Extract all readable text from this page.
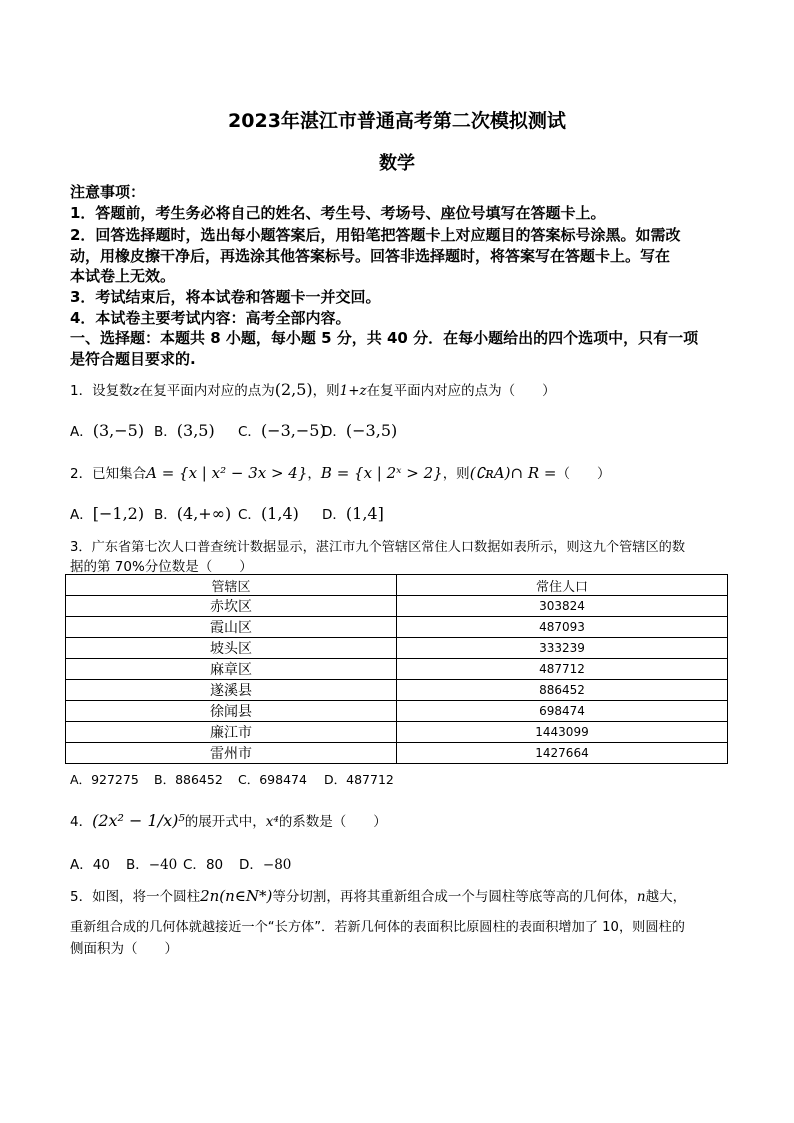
2023年湛江市普通高考第二次模拟测试
数学
注意事项：
1．答题前，考生务必将自己的姓名、考生号、考场号、座位号填写在答题卡上。
2．回答选择题时，选出每小题答案后，用铅笔把答题卡上对应题目的答案标号涂黑。如需改
动，用橡皮擦干净后，再选涂其他答案标号。回答非选择题时，将答案写在答题卡上。写在
本试卷上无效。
3．考试结束后，将本试卷和答题卡一并交回。
4．本试卷主要考试内容：高考全部内容。
一、选择题：本题共 8 小题，每小题 5 分，共 40 分．在每小题给出的四个选项中，只有一项
是符合题目要求的.
1．设复数z在复平面内对应的点为(2,5)，则1+z在复平面内对应的点为（　　）
A．(3,−5) B．(3,5) C．(−3,−5)D．(−3,5)
2．已知集合A = {x | x² − 3x > 4}，B = {x | 2ˣ > 2}，则(∁ʀA)∩ R =（　　）
A．[−1,2) B．(4,+∞) C．(1,4) D．(1,4]
3．广东省第七次人口普查统计数据显示，湛江市九个管辖区常住人口数据如表所示，则这九个管辖区的数
据的第 70%分位数是（　　）
管辖区	常住人口
赤坎区	303824
霞山区	487093
坡头区	333239
麻章区	487712
遂溪县	886452
徐闻县	698474
廉江市	1443099
雷州市	1427664
A．927275 B．886452 C．698474 D．487712
4．(2x² − 1/x)⁵的展开式中，x⁴的系数是（　　）
A．40 B．−40 C．80 D．−80
5．如图，将一个圆柱2n(n∈N*)等分切割，再将其重新组合成一个与圆柱等底等高的几何体，n越大，
重新组合成的几何体就越接近一个“长方体”．若新几何体的表面积比原圆柱的表面积增加了 10，则圆柱的
侧面积为（　　）
